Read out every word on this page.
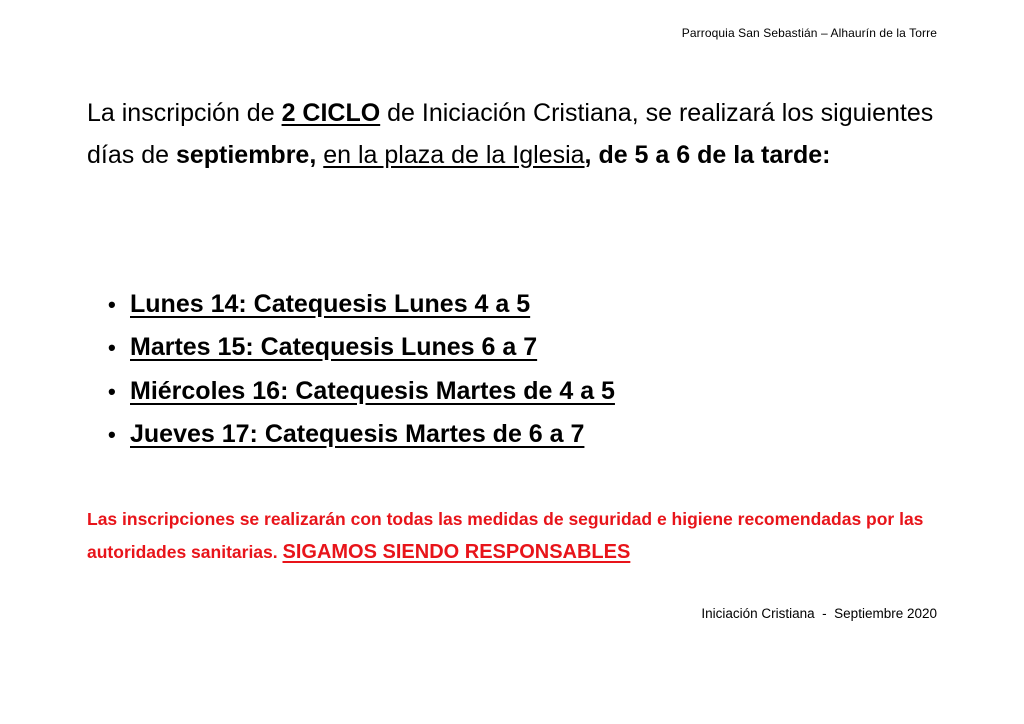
Parroquia San Sebastián – Alhaurín de la Torre
La inscripción de 2 CICLO de Iniciación Cristiana, se realizará los siguientes días de septiembre, en la plaza de la Iglesia, de 5 a 6 de la tarde:
• Lunes 14: Catequesis Lunes 4 a 5
• Martes 15: Catequesis Lunes 6 a 7
• Miércoles 16: Catequesis Martes de 4 a 5
• Jueves 17: Catequesis Martes de 6 a 7
Las inscripciones se realizarán con todas las medidas de seguridad e higiene recomendadas por las autoridades sanitarias. SIGAMOS SIENDO RESPONSABLES
Iniciación Cristiana  -  Septiembre 2020
